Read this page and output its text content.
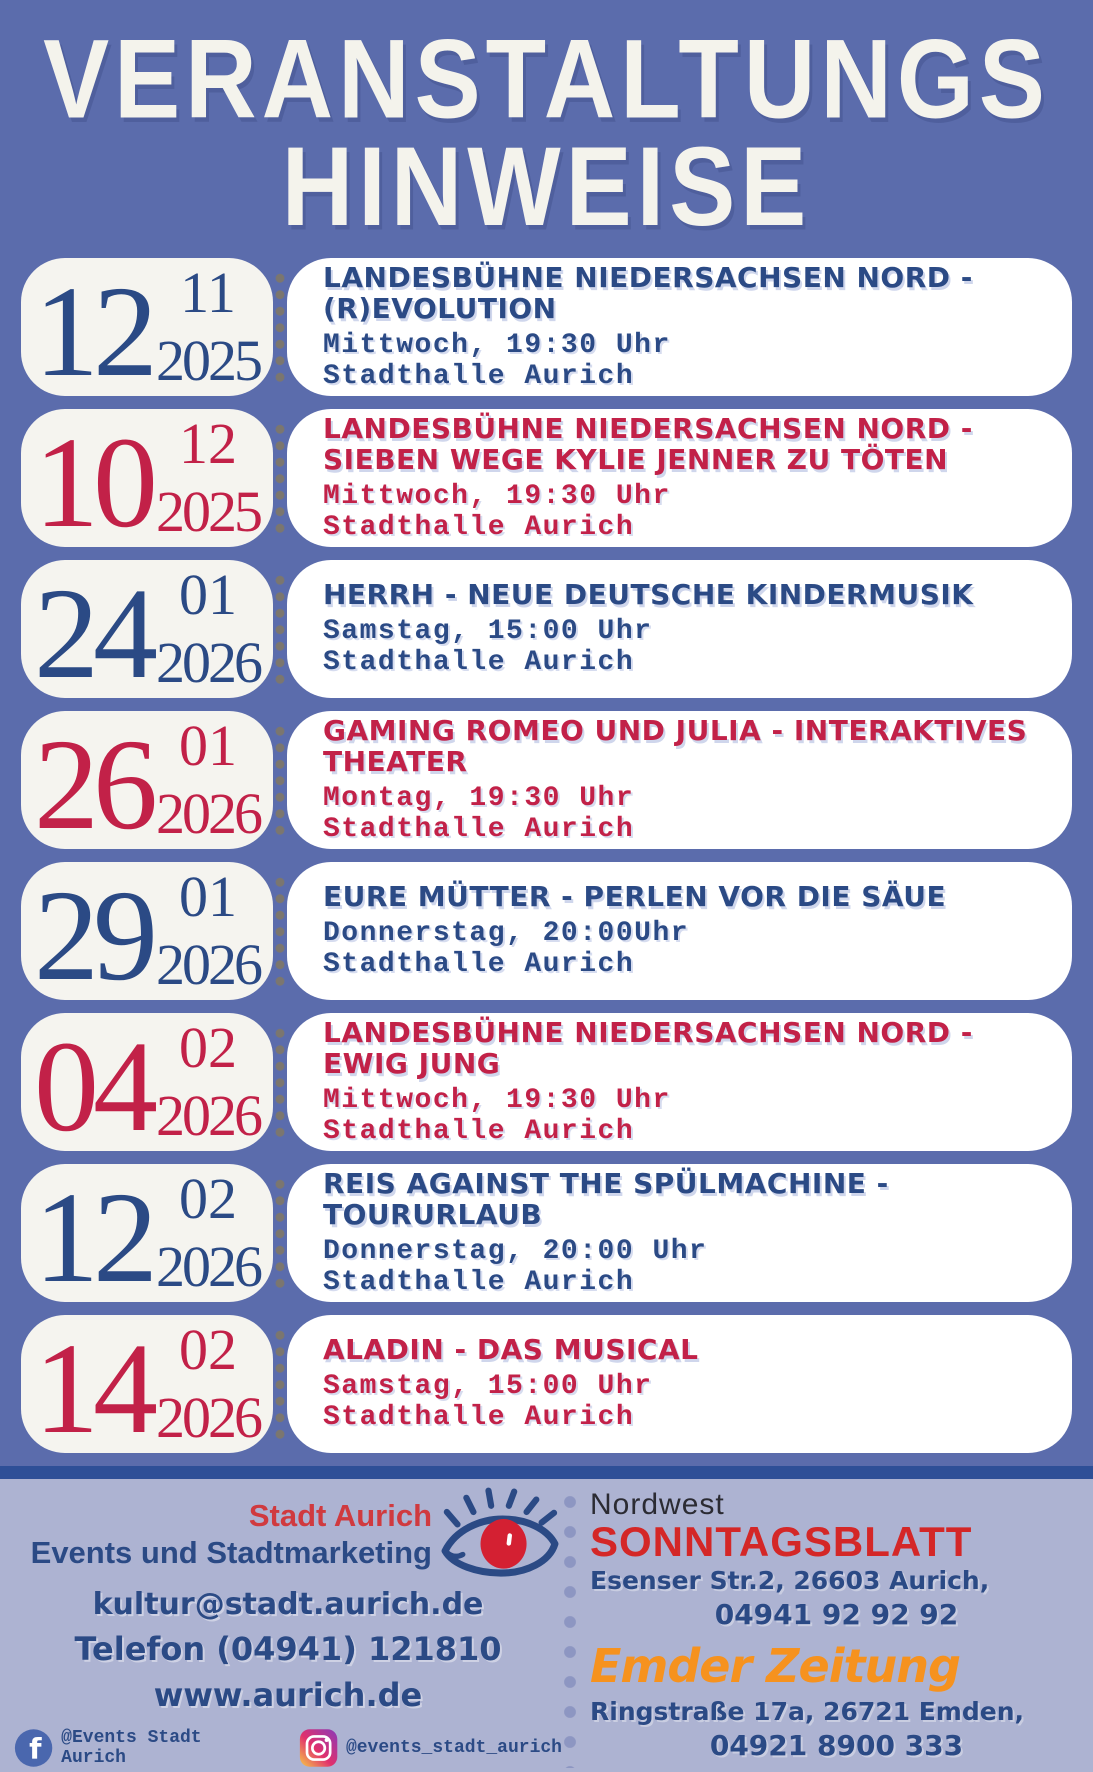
VERANSTALTUNGS
HINWEISE
12 11
2025
LANDESBÜHNE NIEDERSACHSEN NORD - (R)EVOLUTION
Mittwoch, 19:30 Uhr
Stadthalle Aurich
10 12
2025
LANDESBÜHNE NIEDERSACHSEN NORD - SIEBEN WEGE KYLIE JENNER ZU TÖTEN
Mittwoch, 19:30 Uhr
Stadthalle Aurich
24 01
2026
HERRH - NEUE DEUTSCHE KINDERMUSIK
Samstag, 15:00 Uhr
Stadthalle Aurich
26 01
2026
GAMING ROMEO UND JULIA - INTERAKTIVES THEATER
Montag, 19:30 Uhr
Stadthalle Aurich
29 01
2026
EURE MÜTTER - PERLEN VOR DIE SÄUE
Donnerstag, 20:00Uhr
Stadthalle Aurich
04 02
2026
LANDESBÜHNE NIEDERSACHSEN NORD - EWIG JUNG
Mittwoch, 19:30 Uhr
Stadthalle Aurich
12 02
2026
REIS AGAINST THE SPÜLMACHINE - TOURURLAUB
Donnerstag, 20:00 Uhr
Stadthalle Aurich
14 02
2026
ALADIN - DAS MUSICAL
Samstag, 15:00 Uhr
Stadthalle Aurich
Stadt Aurich
Events und Stadtmarketing
kultur@stadt.aurich.de
Telefon (04941) 121810
www.aurich.de
f @Events Stadt Aurich	@events_stadt_aurich
Nordwest
SONNTAGSBLATT
Esenser Str.2, 26603 Aurich,
04941 92 92 92
Emder Zeitung
Ringstraße 17a, 26721 Emden,
04921 8900 333
